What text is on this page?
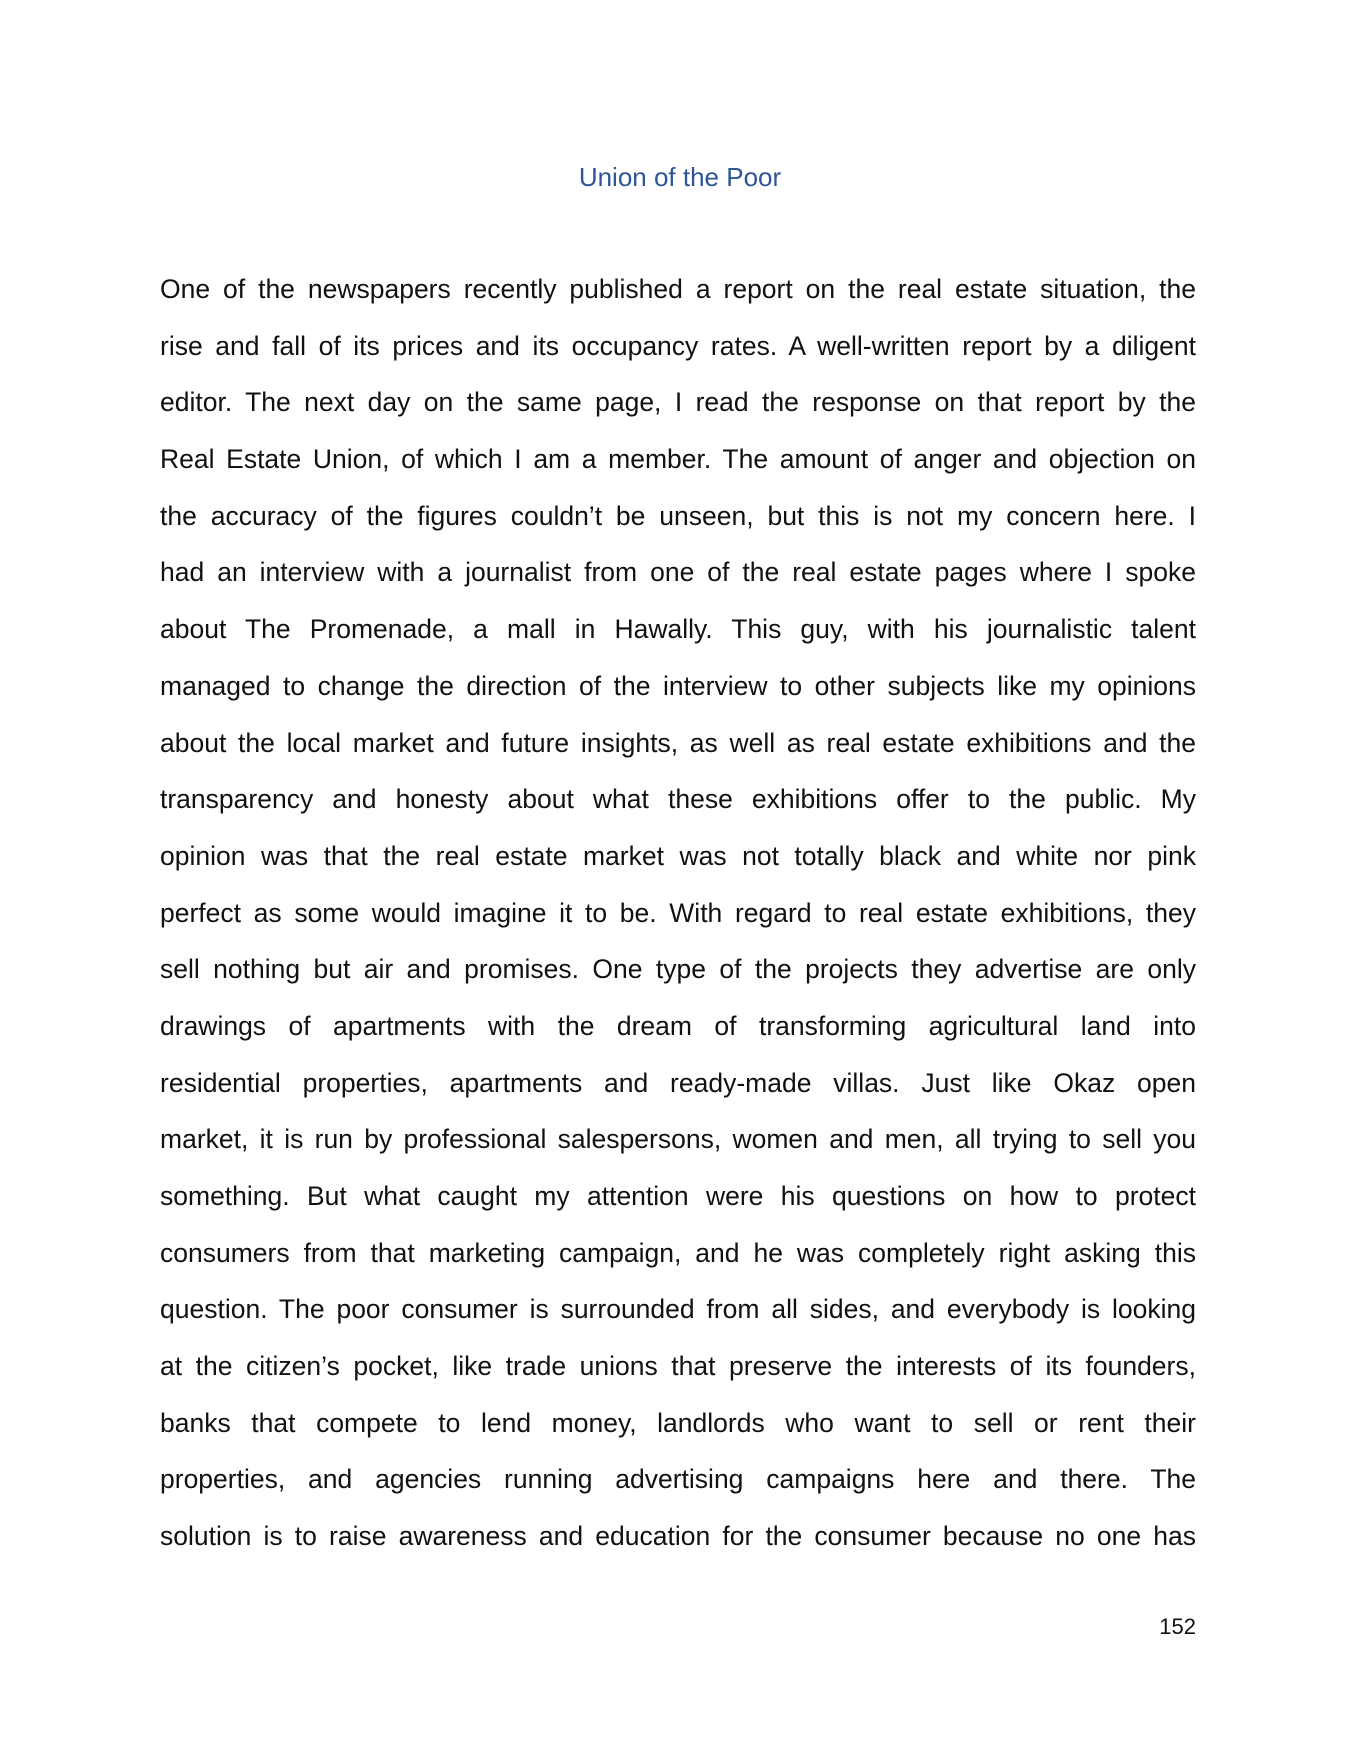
Union of the Poor
One of the newspapers recently published a report on the real estate situation, the
rise and fall of its prices and its occupancy rates. A well-written report by a diligent
editor. The next day on the same page, I read the response on that report by the
Real Estate Union, of which I am a member. The amount of anger and objection on
the accuracy of the figures couldn’t be unseen, but this is not my concern here. I
had an interview with a journalist from one of the real estate pages where I spoke
about The Promenade, a mall in Hawally. This guy, with his journalistic talent
managed to change the direction of the interview to other subjects like my opinions
about the local market and future insights, as well as real estate exhibitions and the
transparency and honesty about what these exhibitions offer to the public. My
opinion was that the real estate market was not totally black and white nor pink
perfect as some would imagine it to be. With regard to real estate exhibitions, they
sell nothing but air and promises. One type of the projects they advertise are only
drawings of apartments with the dream of transforming agricultural land into
residential properties, apartments and ready-made villas. Just like Okaz open
market, it is run by professional salespersons, women and men, all trying to sell you
something. But what caught my attention were his questions on how to protect
consumers from that marketing campaign, and he was completely right asking this
question. The poor consumer is surrounded from all sides, and everybody is looking
at the citizen’s pocket, like trade unions that preserve the interests of its founders,
banks that compete to lend money, landlords who want to sell or rent their
properties, and agencies running advertising campaigns here and there. The
solution is to raise awareness and education for the consumer because no one has
152
